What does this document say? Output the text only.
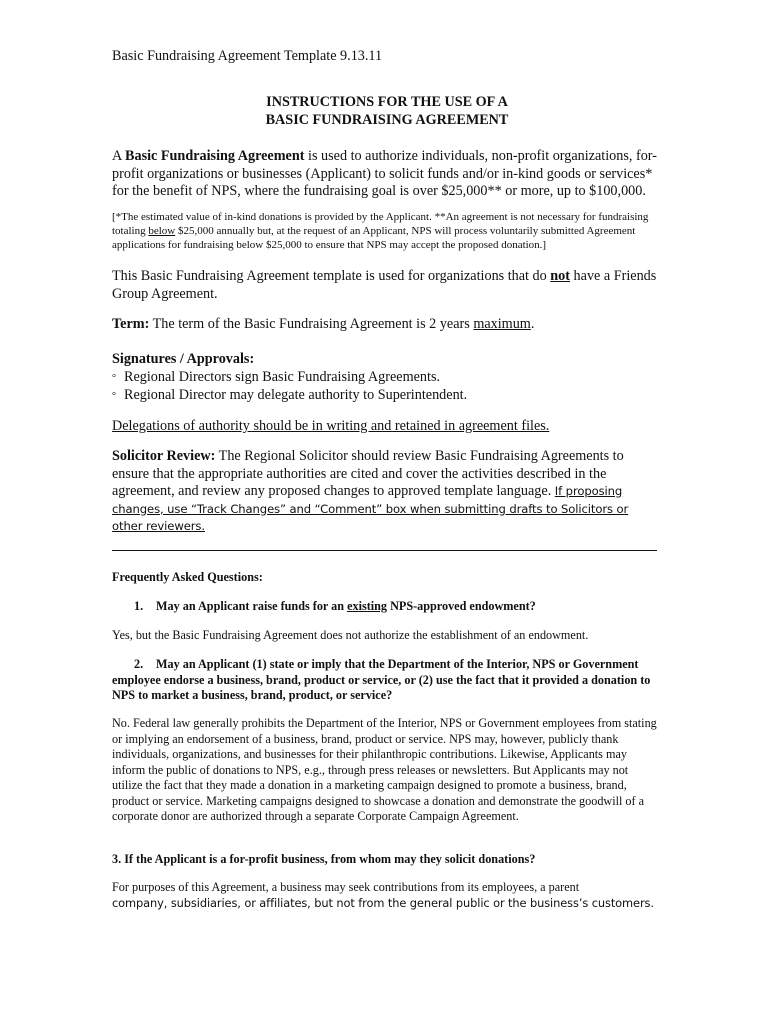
Basic Fundraising Agreement Template 9.13.11
INSTRUCTIONS FOR THE USE OF A
BASIC FUNDRAISING AGREEMENT
A Basic Fundraising Agreement is used to authorize individuals, non-profit organizations, for-profit organizations or businesses (Applicant) to solicit funds and/or in-kind goods or services* for the benefit of NPS, where the fundraising goal is over $25,000** or more, up to $100,000.
[*The estimated value of in-kind donations is provided by the Applicant. **An agreement is not necessary for fundraising totaling below $25,000 annually but, at the request of an Applicant, NPS will process voluntarily submitted Agreement applications for fundraising below $25,000 to ensure that NPS may accept the proposed donation.]
This Basic Fundraising Agreement template is used for organizations that do not have a Friends Group Agreement.
Term: The term of the Basic Fundraising Agreement is 2 years maximum.
Signatures / Approvals:
° Regional Directors sign Basic Fundraising Agreements.
° Regional Director may delegate authority to Superintendent.
Delegations of authority should be in writing and retained in agreement files.
Solicitor Review: The Regional Solicitor should review Basic Fundraising Agreements to ensure that the appropriate authorities are cited and cover the activities described in the agreement, and review any proposed changes to approved template language. If proposing changes, use “Track Changes” and “Comment” box when submitting drafts to Solicitors or other reviewers.
Frequently Asked Questions:
1. May an Applicant raise funds for an existing NPS-approved endowment?
Yes, but the Basic Fundraising Agreement does not authorize the establishment of an endowment.
2. May an Applicant (1) state or imply that the Department of the Interior, NPS or Government employee endorse a business, brand, product or service, or (2) use the fact that it provided a donation to NPS to market a business, brand, product, or service?
No. Federal law generally prohibits the Department of the Interior, NPS or Government employees from stating or implying an endorsement of a business, brand, product or service. NPS may, however, publicly thank individuals, organizations, and businesses for their philanthropic contributions. Likewise, Applicants may inform the public of donations to NPS, e.g., through press releases or newsletters. But Applicants may not utilize the fact that they made a donation in a marketing campaign designed to promote a business, brand, product or service. Marketing campaigns designed to showcase a donation and demonstrate the goodwill of a corporate donor are authorized through a separate Corporate Campaign Agreement.
3. If the Applicant is a for-profit business, from whom may they solicit donations?
For purposes of this Agreement, a business may seek contributions from its employees, a parent
company, subsidiaries, or affiliates, but not from the general public or the business’s customers.
